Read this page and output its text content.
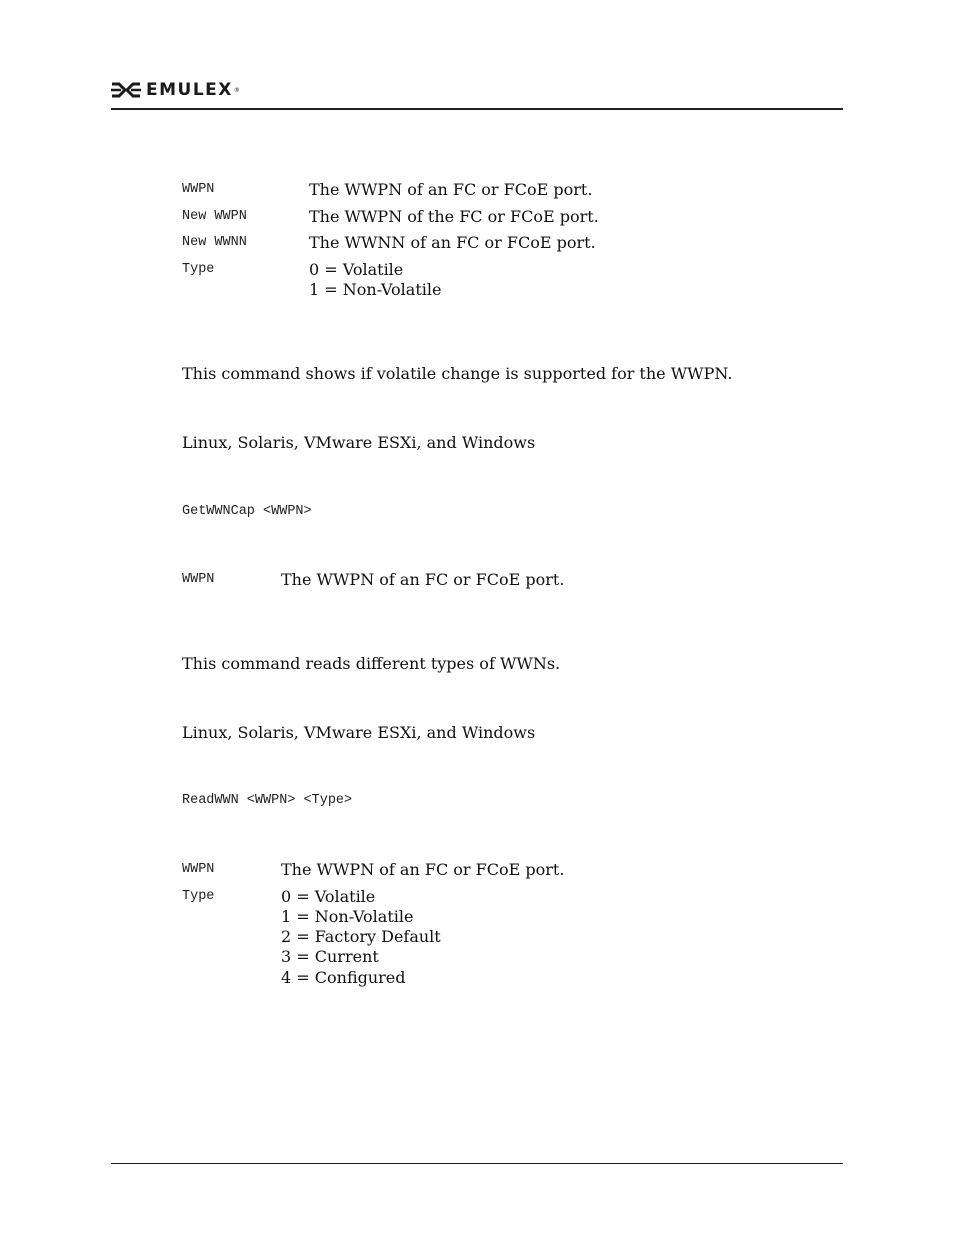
EMULEX ®
WWPN	The WWPN of an FC or FCoE port.
New WWPN	The WWPN of the FC or FCoE port.
New WWNN	The WWNN of an FC or FCoE port.
Type	0 = Volatile
1 = Non-Volatile
This command shows if volatile change is supported for the WWPN.
Linux, Solaris, VMware ESXi, and Windows
GetWWNCap <WWPN>
WWPN	The WWPN of an FC or FCoE port.
This command reads different types of WWNs.
Linux, Solaris, VMware ESXi, and Windows
ReadWWN <WWPN> <Type>
WWPN	The WWPN of an FC or FCoE port.
Type	0 = Volatile
1 = Non-Volatile
2 = Factory Default
3 = Current
4 = Configured
